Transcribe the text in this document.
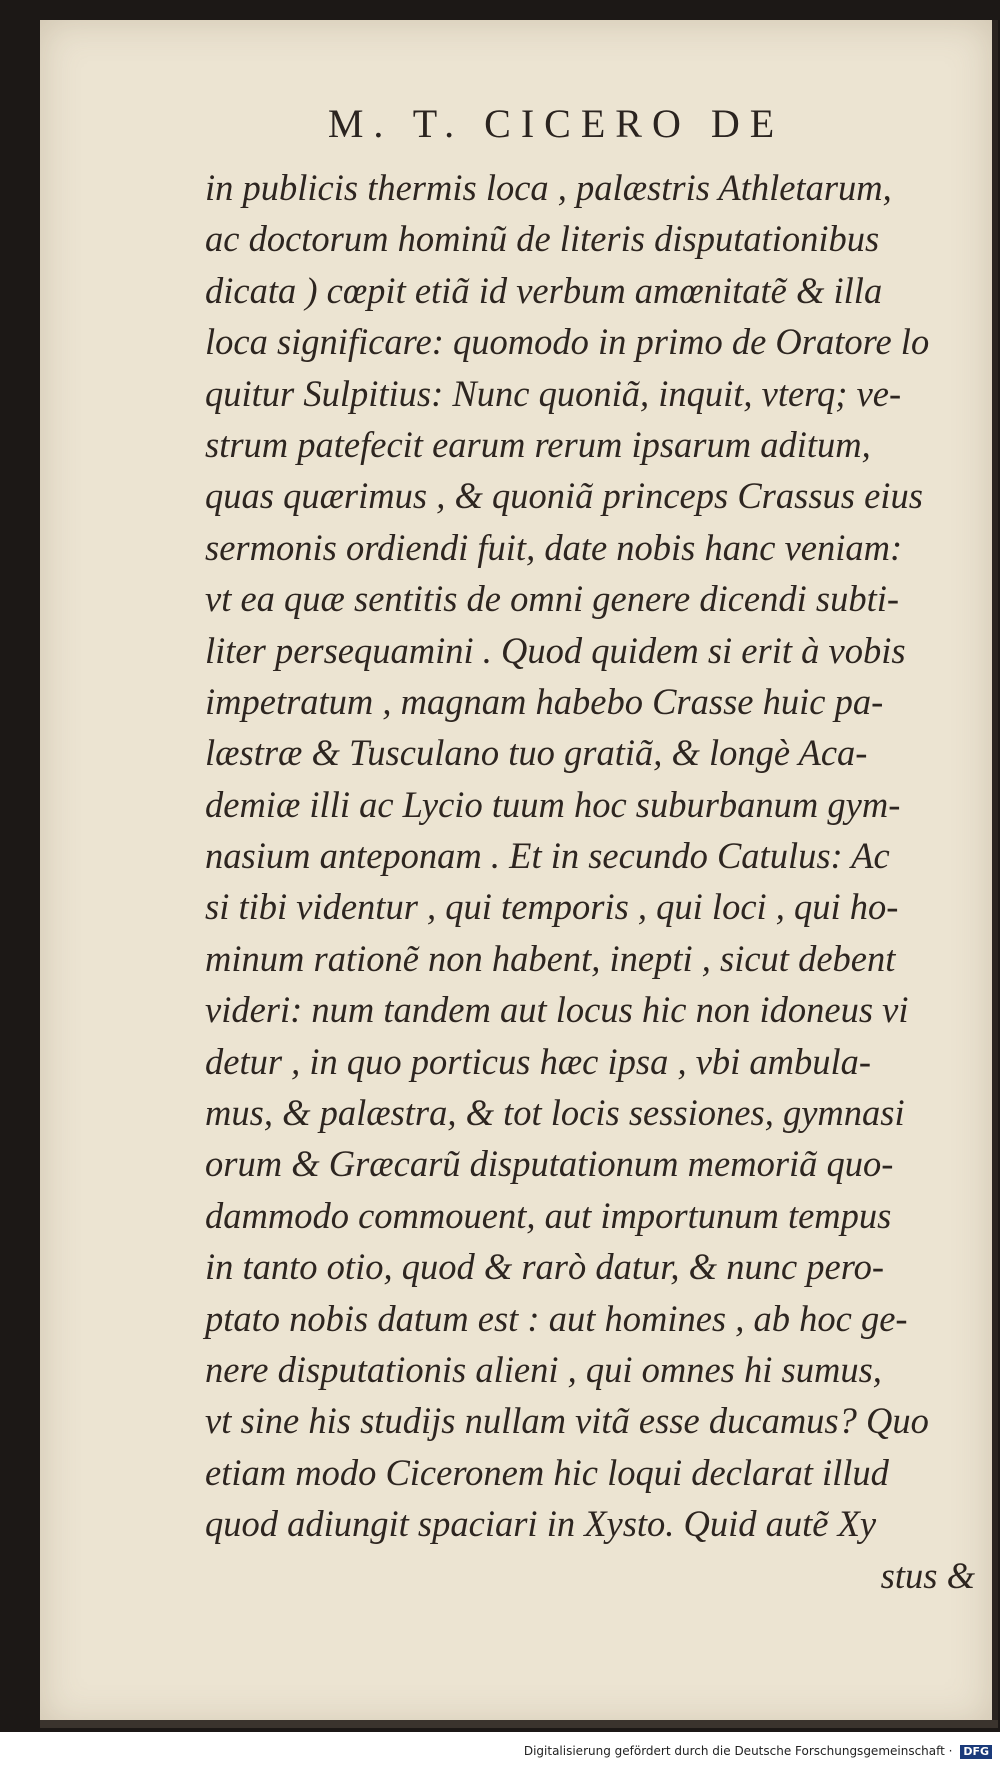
M. T. CICERO DE
in publicis thermis loca , palæstris Athletarum,
ac doctorum hominũ de literis disputationibus
dicata ) cœpit etiã id verbum amœnitatẽ & illa
loca significare: quomodo in primo de Oratore lo
quitur Sulpitius: Nunc quoniã, inquit, vterq; ve-
strum patefecit earum rerum ipsarum aditum,
quas quærimus , & quoniã princeps Crassus eius
sermonis ordiendi fuit, date nobis hanc veniam:
vt ea quæ sentitis de omni genere dicendi subti-
liter persequamini . Quod quidem si erit à vobis
impetratum , magnam habebo Crasse huic pa-
læstræ & Tusculano tuo gratiã, & longè Aca-
demiæ illi ac Lycio tuum hoc suburbanum gym-
nasium anteponam . Et in secundo Catulus: Ac
si tibi videntur , qui temporis , qui loci , qui ho-
minum rationẽ non habent, inepti , sicut debent
videri: num tandem aut locus hic non idoneus vi
detur , in quo porticus hæc ipsa , vbi ambula-
mus, & palæstra, & tot locis sessiones, gymnasi
orum & Græcarũ disputationum memoriã quo-
dammodo commouent, aut importunum tempus
in tanto otio, quod & rarò datur, & nunc pero-
ptato nobis datum est : aut homines , ab hoc ge-
nere disputationis alieni , qui omnes hi sumus,
vt sine his studijs nullam vitã esse ducamus? Quo
etiam modo Ciceronem hic loqui declarat illud
quod adiungit spaciari in Xysto. Quid autẽ Xy
stus &
Digitalisierung gefördert durch die Deutsche Forschungsgemeinschaft · DFG
